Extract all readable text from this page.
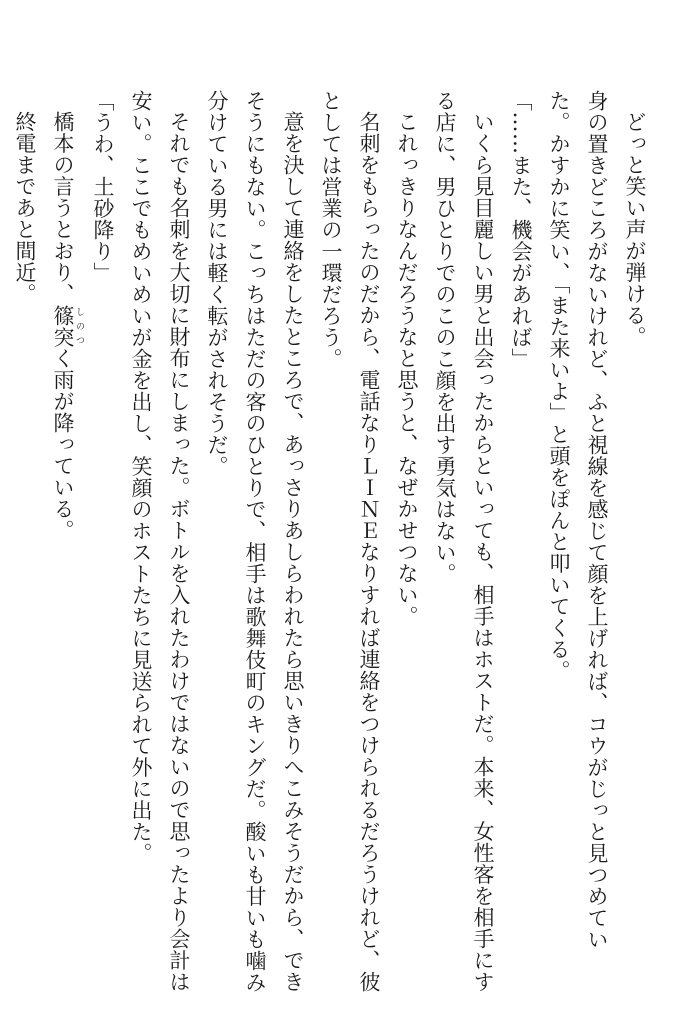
どっと笑い声が弾ける。

身の置きどころがないけれど、ふと視線を感じて顔を上げれば、コウがじっと見つめてい

た。かすかに笑い、「また来いよ」と頭をぽんと叩いてくる。

「……また、機会があれば」

いくら見目麗しい男と出会ったからといっても、相手はホストだ。本来、女性客を相手にす

る店に、男ひとりでのこのこ顔を出す勇気はない。

これっきりなんだろうなと思うと、なぜかせつない。

名刺をもらったのだから、電話なりＬＩＮＥなりすれば連絡をつけられるだろうけれど、彼

としては営業の一環だろう。

意を決して連絡をしたところで、あっさりあしらわれたら思いきりへこみそうだから、でき

そうにもない。こっちはただの客のひとりで、相手は歌舞伎町のキングだ。酸いも甘いも噛み

分けている男には軽く転がされそうだ。

それでも名刺を大切に財布にしまった。ボトルを入れたわけではないので思ったより会計は

安い。ここでもめいめいが金を出し、笑顔のホストたちに見送られて外に出た。

「うわ、土砂降り」

橋本の言うとおり、篠突 しのつく雨が降っている。

終電まであと間近。
